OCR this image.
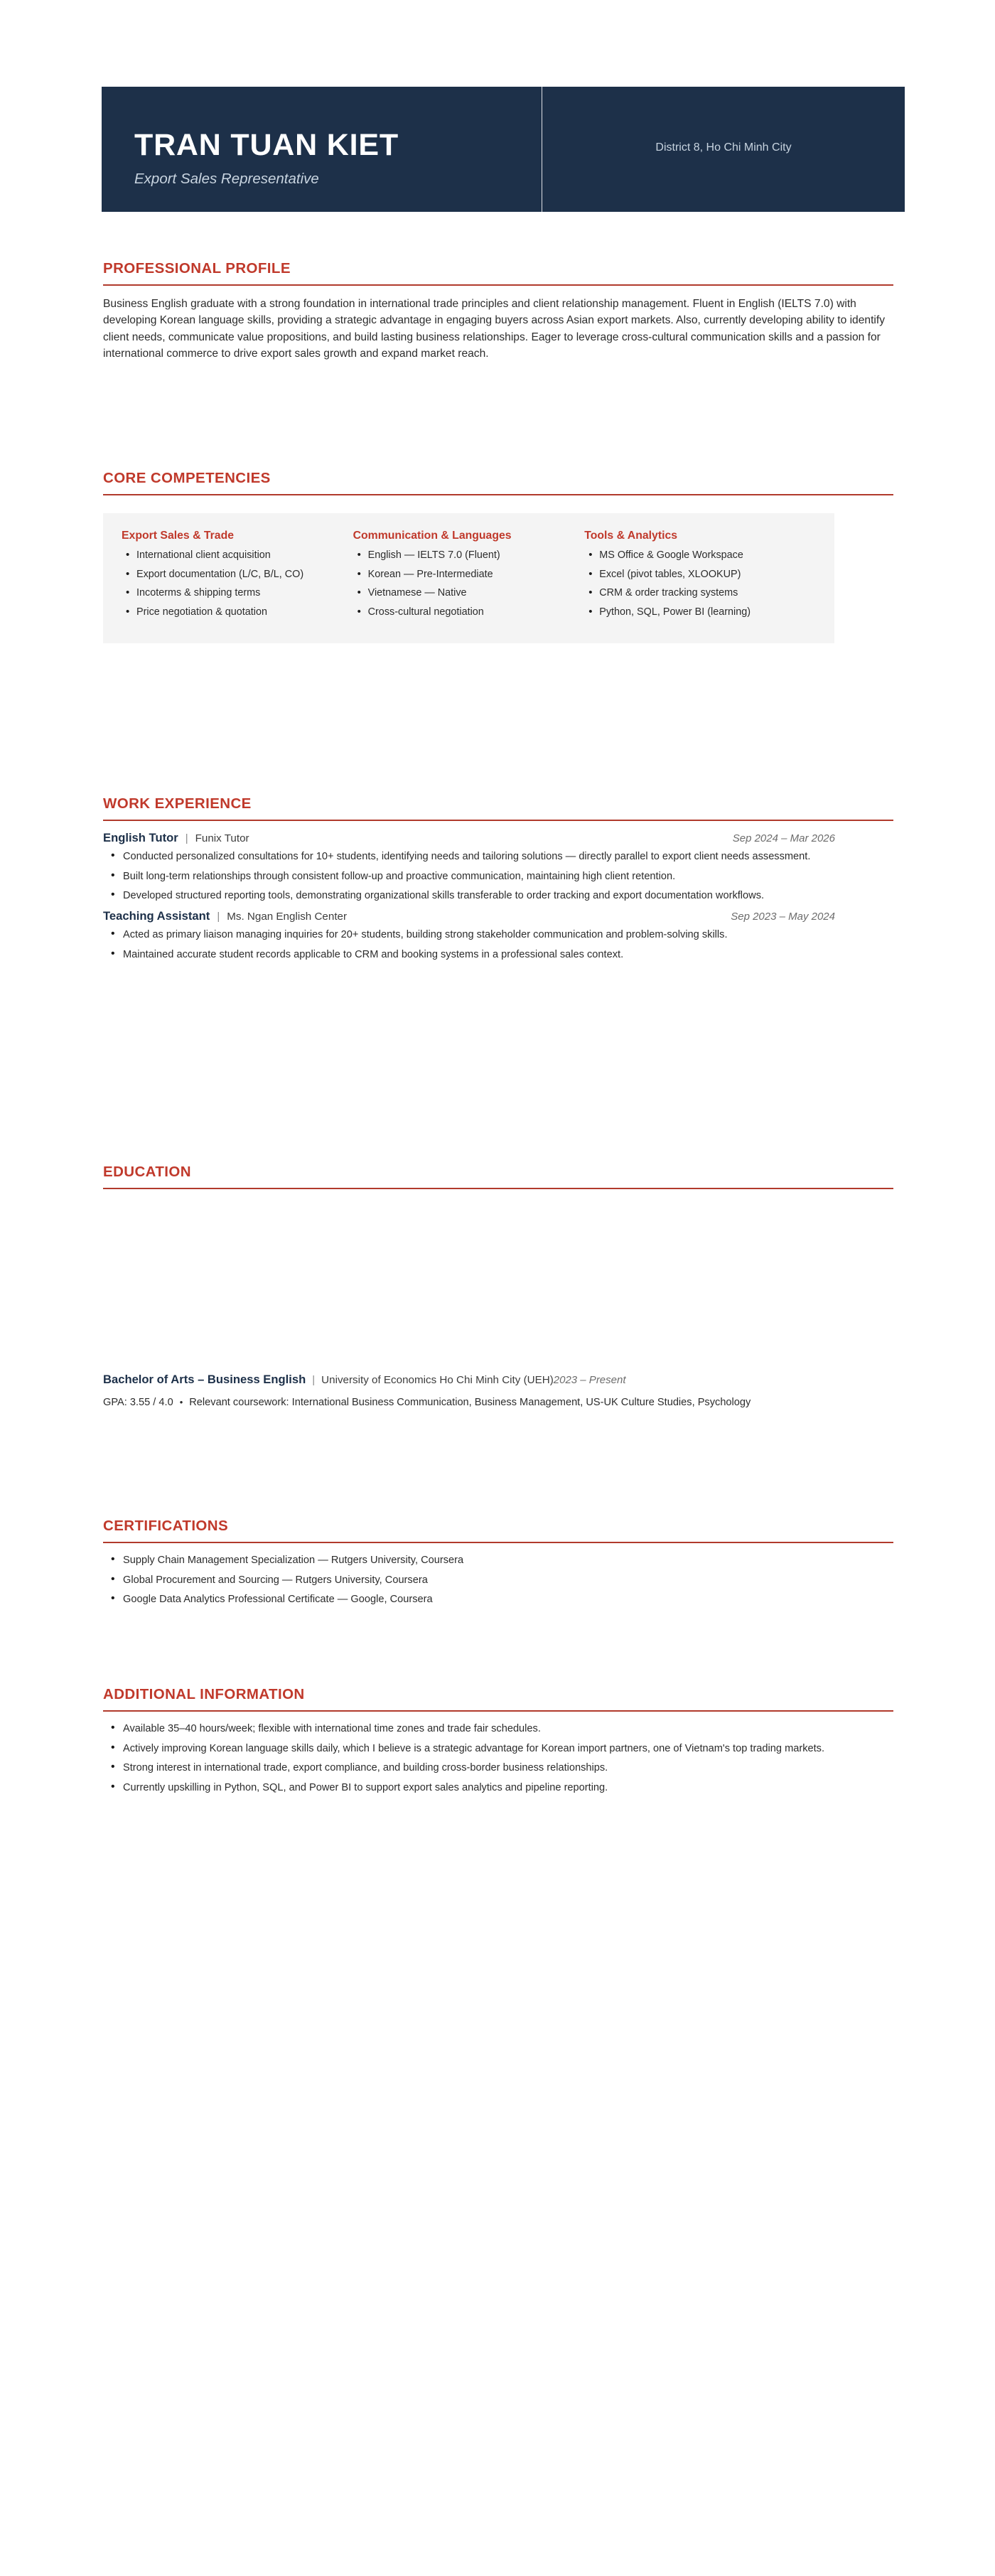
TRAN TUAN KIET
Export Sales Representative
District 8, Ho Chi Minh City
PROFESSIONAL PROFILE

Business English graduate with a strong foundation in international trade principles and client relationship management. Fluent in English (IELTS 7.0) with developing Korean language skills, providing a strategic advantage in engaging buyers across Asian export markets. Also, currently developing ability to identify client needs, communicate value propositions, and build lasting business relationships. Eager to leverage cross-cultural communication skills and a passion for international commerce to drive export sales growth and expand market reach.

CORE COMPETENCIES
Export Sales & Trade
• International client acquisition
• Export documentation (L/C, B/L, CO)
• Incoterms & shipping terms
• Price negotiation & quotation
Communication & Languages
• English — IELTS 7.0 (Fluent)
• Korean — Pre-Intermediate
• Vietnamese — Native
• Cross-cultural negotiation
Tools & Analytics
• MS Office & Google Workspace
• Excel (pivot tables, XLOOKUP)
• CRM & order tracking systems
• Python, SQL, Power BI (learning)
WORK EXPERIENCE
English Tutor | Funix Tutor	Sep 2024 – Mar 2026
• Conducted personalized consultations for 10+ students, identifying needs and tailoring solutions — directly parallel to export client needs assessment.
• Built long-term relationships through consistent follow-up and proactive communication, maintaining high client retention.
• Developed structured reporting tools, demonstrating organizational skills transferable to order tracking and export documentation workflows.
Teaching Assistant | Ms. Ngan English Center	Sep 2023 – May 2024
• Acted as primary liaison managing inquiries for 20+ students, building strong stakeholder communication and problem-solving skills.
• Maintained accurate student records applicable to CRM and booking systems in a professional sales context.
EDUCATION
Bachelor of Arts – Business English | University of Economics Ho Chi Minh City (UEH)2023 – Present
GPA: 3.55 / 4.0 • Relevant coursework: International Business Communication, Business Management, US-UK Culture Studies, Psychology
CERTIFICATIONS
• Supply Chain Management Specialization — Rutgers University, Coursera
• Global Procurement and Sourcing — Rutgers University, Coursera
• Google Data Analytics Professional Certificate — Google, Coursera
ADDITIONAL INFORMATION
• Available 35–40 hours/week; flexible with international time zones and trade fair schedules.
• Actively improving Korean language skills daily, which I believe is a strategic advantage for Korean import partners, one of Vietnam's top trading markets.
• Strong interest in international trade, export compliance, and building cross-border business relationships.
• Currently upskilling in Python, SQL, and Power BI to support export sales analytics and pipeline reporting.
